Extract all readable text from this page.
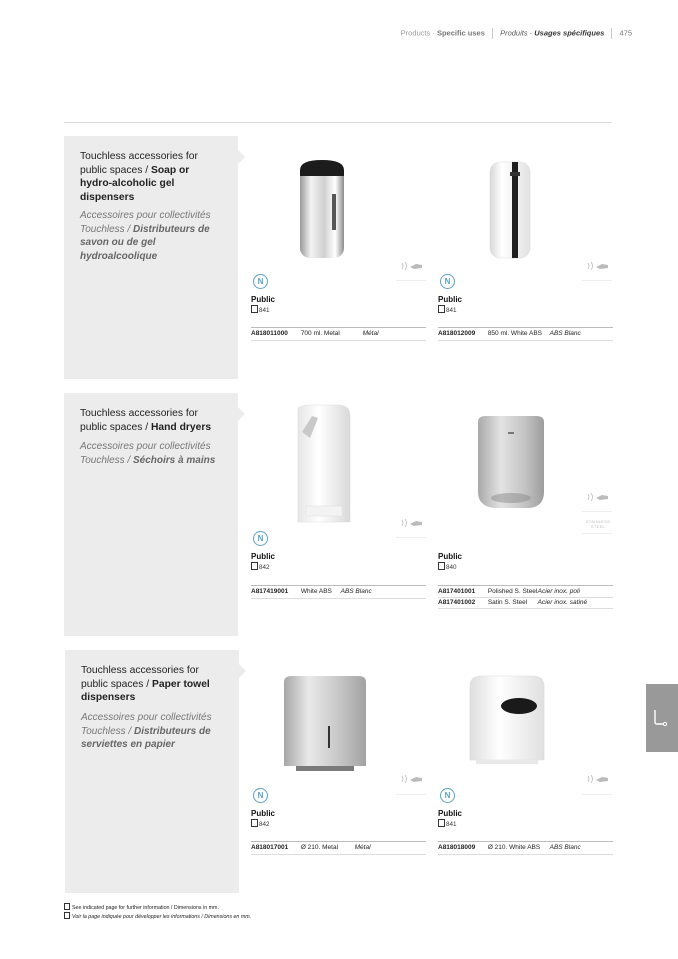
Products · Specific uses Produits · Usages spécifiques 475
Touchless accessories for public spaces / Soap or hydro-alcoholic gel dispensers
Accessoires pour collectivités Touchless / Distributeurs de savon ou de gel hydroalcoolique
N
Public
841
A818011000 700 ml. Metal	Métal
N
Public
841
A818012009 850 ml. White ABS ABS Blanc
Touchless accessories for public spaces / Hand dryers
Accessoires pour collectivités Touchless / Séchoirs à mains
N
Public
842
A817419001 White ABS ABS Blanc
STAINLESS
STEEL
Public
840
A817401001 Polished S. Steel Acier inox. poli
A817401002 Satin S. Steel Acier inox. satiné
Touchless accessories for public spaces / Paper towel dispensers
Accessoires pour collectivités Touchless / Distributeurs de serviettes en papier
N
Public
842
A818017001 Ø 210. Metal	Métal
N
Public
841
A818018009 Ø 210. White ABS ABS Blanc
See indicated page for further information / Dimensions in mm.
Voir la page indiquée pour développer les informations / Dimensions en mm.
